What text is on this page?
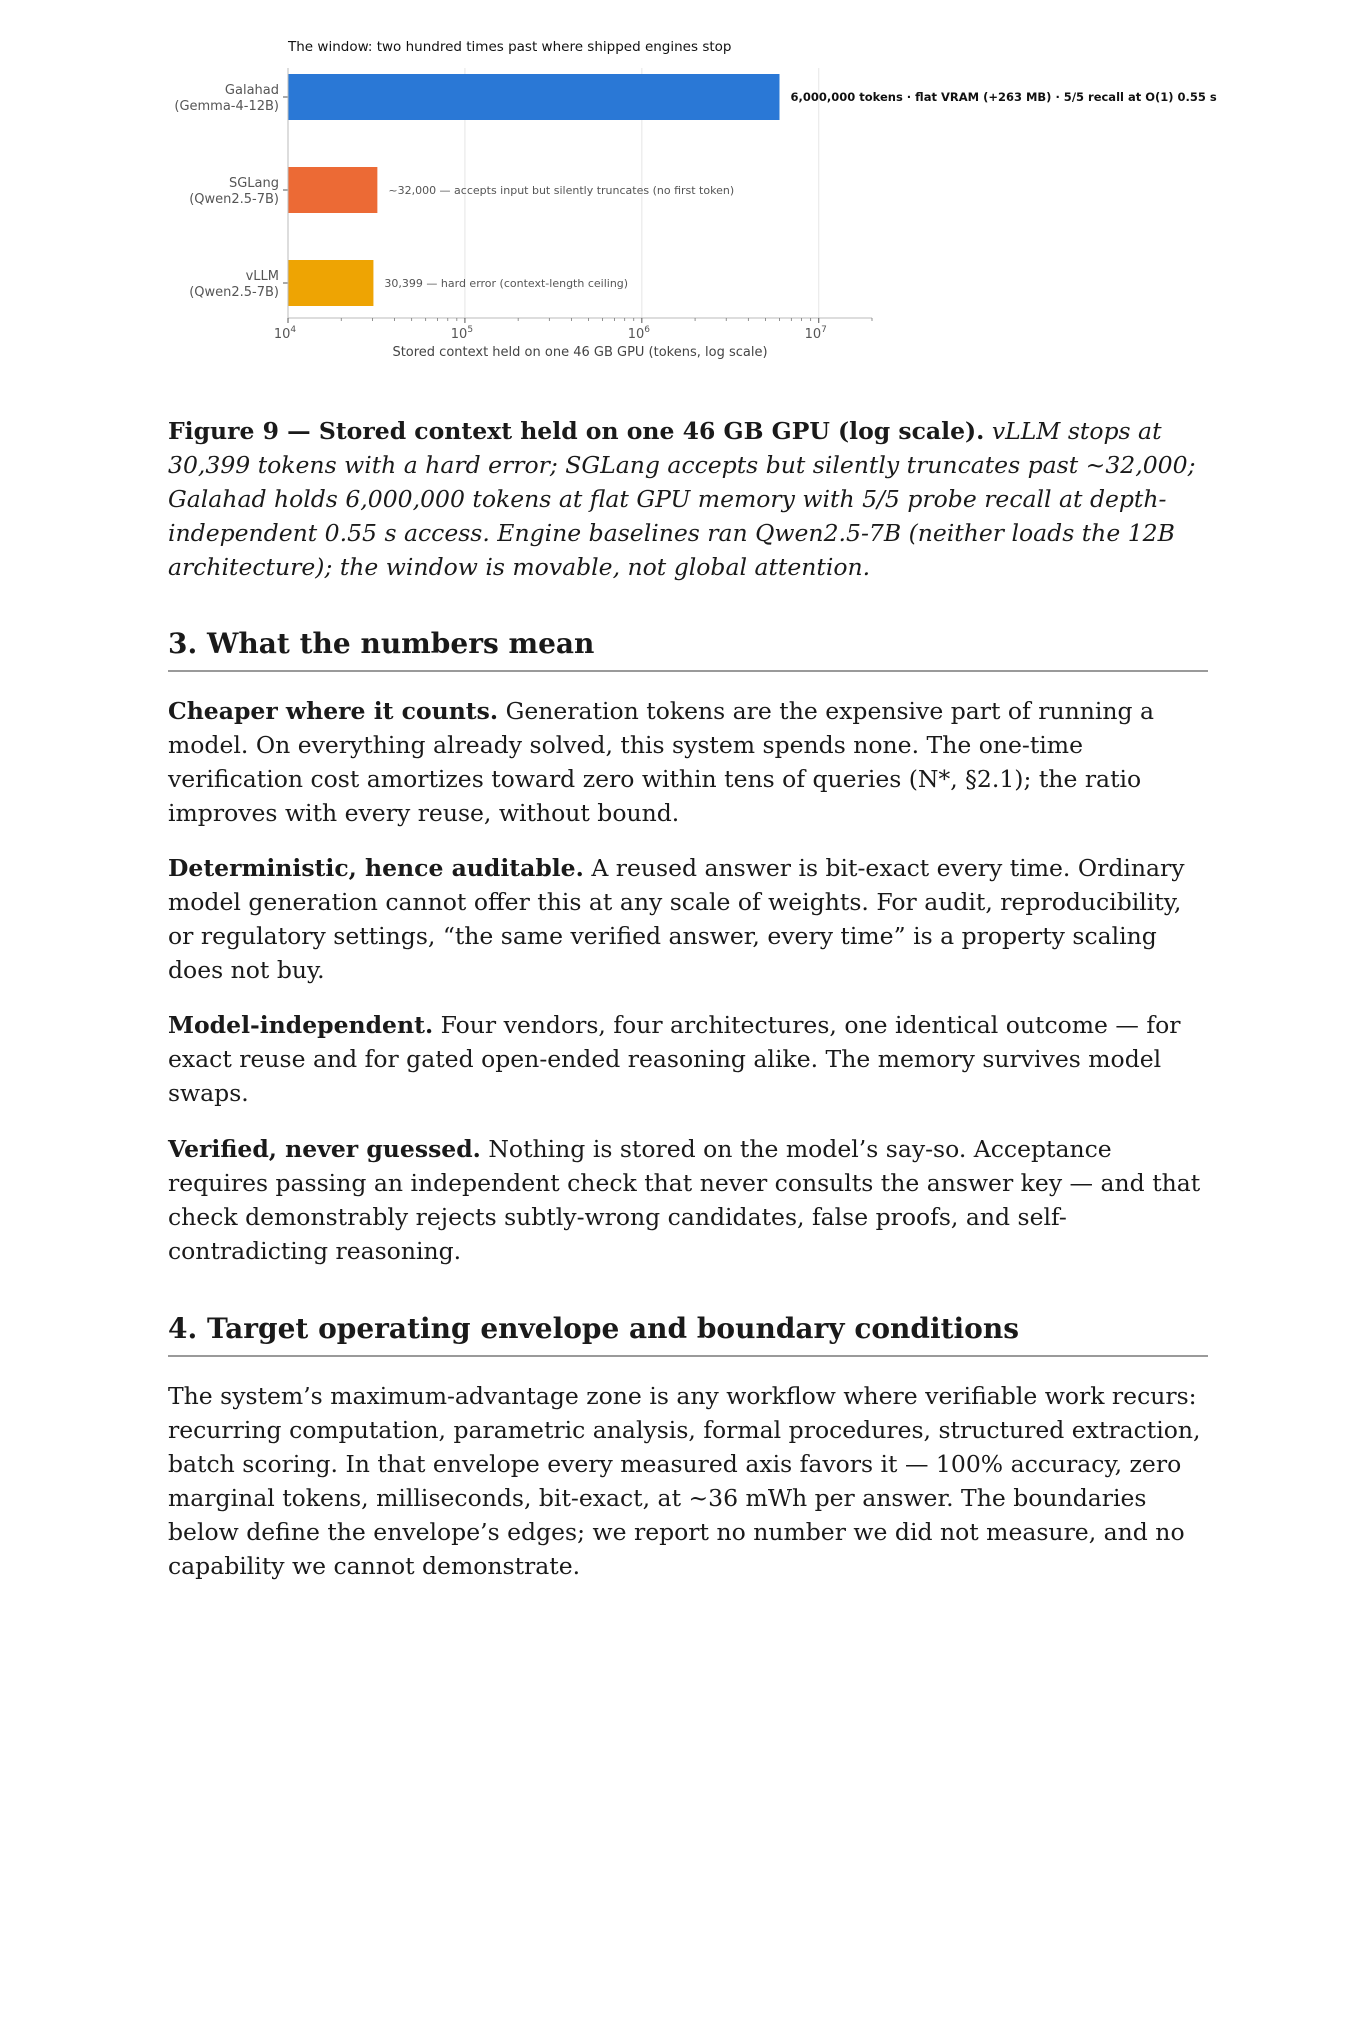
The window: two hundred times past where shipped engines stop
Galahad
(Gemma-4-12B)
SGLang
(Qwen2.5-7B)
vLLM
(Qwen2.5-7B)
6,000,000 tokens · flat VRAM (+263 MB) · 5/5 recall at O(1) 0.55 s
~32,000 — accepts input but silently truncates (no first token)
30,399 — hard error (context-length ceiling)
$10^4$	$10^5$	$10^6$	$10^7$
Stored context held on one 46 GB GPU (tokens, log scale)

Figure 9 — Stored context held on one 46 GB GPU (log scale). vLLM stops at 30,399 tokens with a hard error; SGLang accepts but silently truncates past ~32,000; Galahad holds 6,000,000 tokens at flat GPU memory with 5/5 probe recall at depth-independent 0.55 s access. Engine baselines ran Qwen2.5-7B (neither loads the 12B architecture); the window is movable, not global attention.

3. What the numbers mean

Cheaper where it counts. Generation tokens are the expensive part of running a model. On everything already solved, this system spends none. The one-time verification cost amortizes toward zero within tens of queries (N*, §2.1); the ratio improves with every reuse, without bound.

Deterministic, hence auditable. A reused answer is bit-exact every time. Ordinary model generation cannot offer this at any scale of weights. For audit, reproducibility, or regulatory settings, “the same verified answer, every time” is a property scaling does not buy.

Model-independent. Four vendors, four architectures, one identical outcome — for exact reuse and for gated open-ended reasoning alike. The memory survives model swaps.

Verified, never guessed. Nothing is stored on the model’s say-so. Acceptance requires passing an independent check that never consults the answer key — and that check demonstrably rejects subtly-wrong candidates, false proofs, and self-contradicting reasoning.

4. Target operating envelope and boundary conditions

The system’s maximum-advantage zone is any workflow where verifiable work recurs: recurring computation, parametric analysis, formal procedures, structured extraction, batch scoring. In that envelope every measured axis favors it — 100% accuracy, zero marginal tokens, milliseconds, bit-exact, at ~36 mWh per answer. The boundaries below define the envelope’s edges; we report no number we did not measure, and no capability we cannot demonstrate.
